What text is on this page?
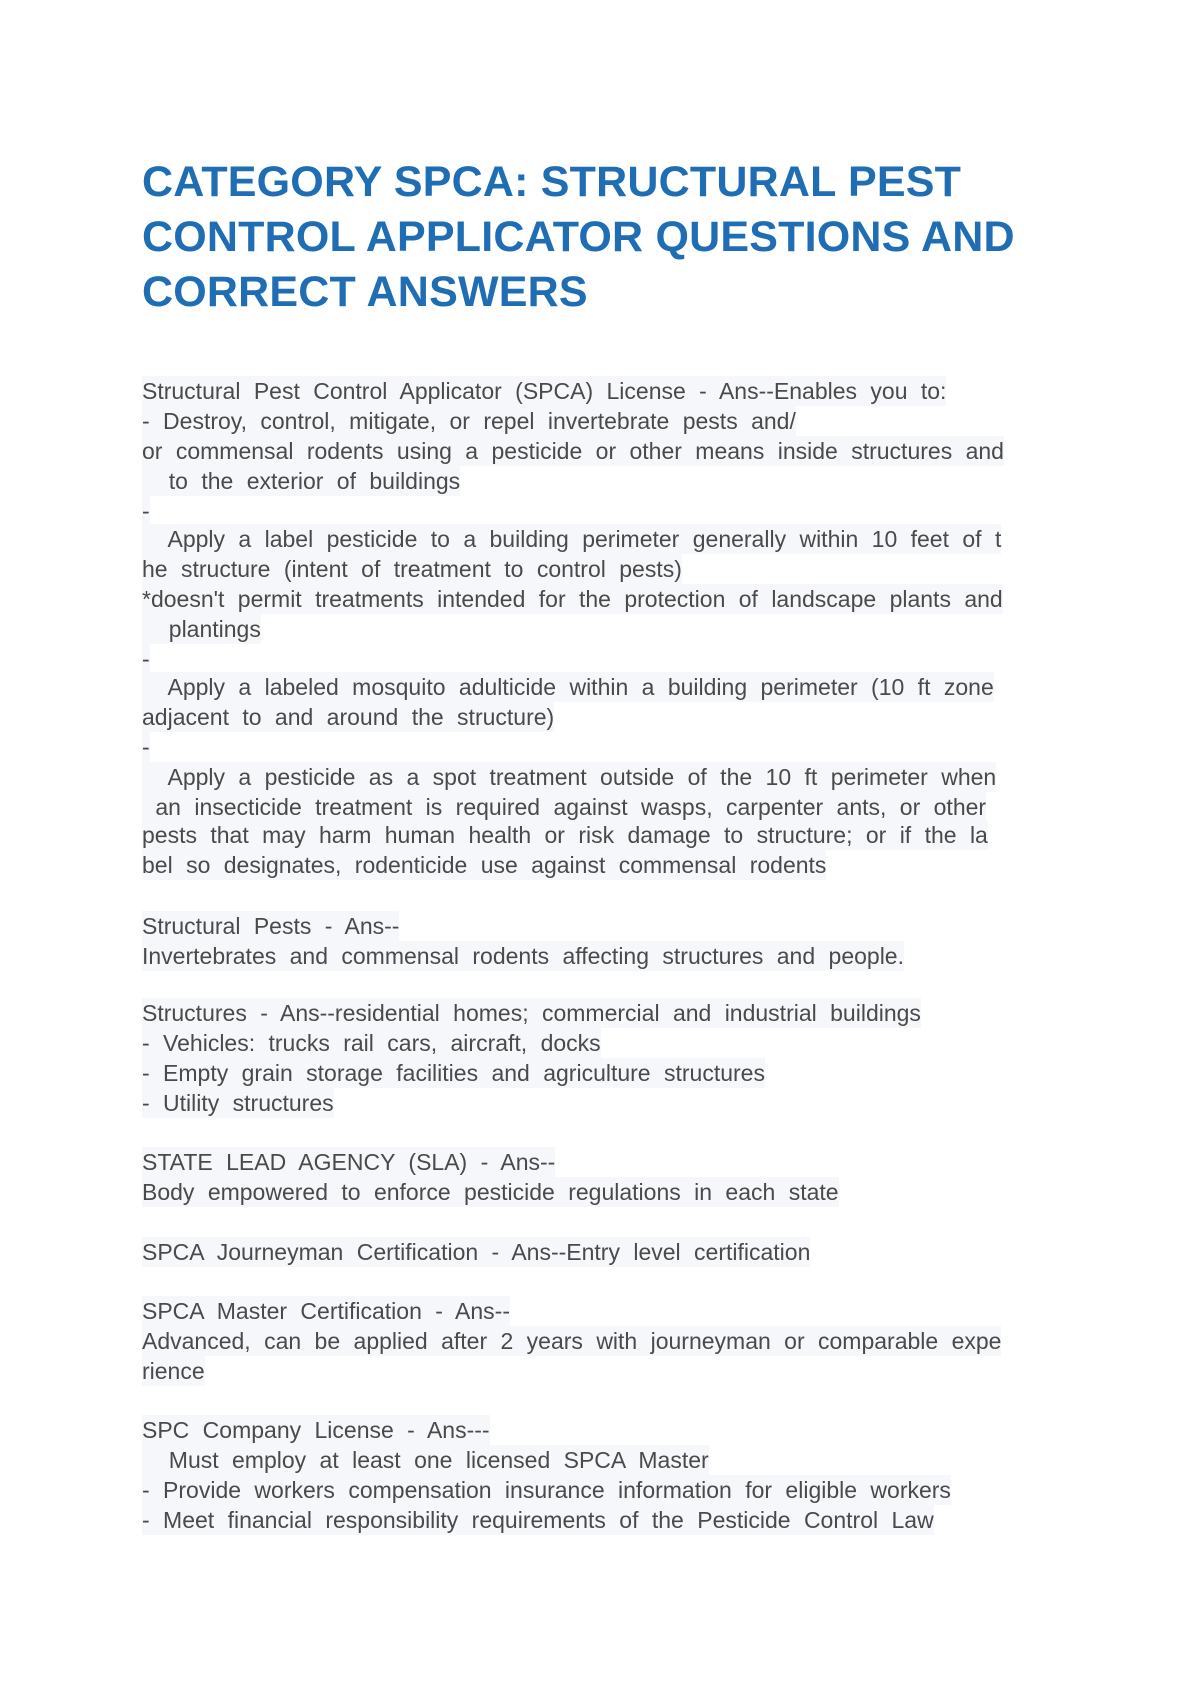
CATEGORY SPCA: STRUCTURAL PEST
CONTROL APPLICATOR QUESTIONS AND
CORRECT ANSWERS
Structural Pest Control Applicator (SPCA) License - Ans--Enables you to:
- Destroy, control, mitigate, or repel invertebrate pests and/
or commensal rodents using a pesticide or other means inside structures and
to the exterior of buildings
-
Apply a label pesticide to a building perimeter generally within 10 feet of t
he structure (intent of treatment to control pests)
*doesn't permit treatments intended for the protection of landscape plants and
plantings
-
Apply a labeled mosquito adulticide within a building perimeter (10 ft zone
adjacent to and around the structure)
-
Apply a pesticide as a spot treatment outside of the 10 ft perimeter when
an insecticide treatment is required against wasps, carpenter ants, or other
pests that may harm human health or risk damage to structure; or if the la
bel so designates, rodenticide use against commensal rodents
Structural Pests - Ans--
Invertebrates and commensal rodents affecting structures and people.
Structures - Ans--residential homes; commercial and industrial buildings
- Vehicles: trucks rail cars, aircraft, docks
- Empty grain storage facilities and agriculture structures
- Utility structures
STATE LEAD AGENCY (SLA) - Ans--
Body empowered to enforce pesticide regulations in each state
SPCA Journeyman Certification - Ans--Entry level certification
SPCA Master Certification - Ans--
Advanced, can be applied after 2 years with journeyman or comparable expe
rience
SPC Company License - Ans---
Must employ at least one licensed SPCA Master
- Provide workers compensation insurance information for eligible workers
- Meet financial responsibility requirements of the Pesticide Control Law
